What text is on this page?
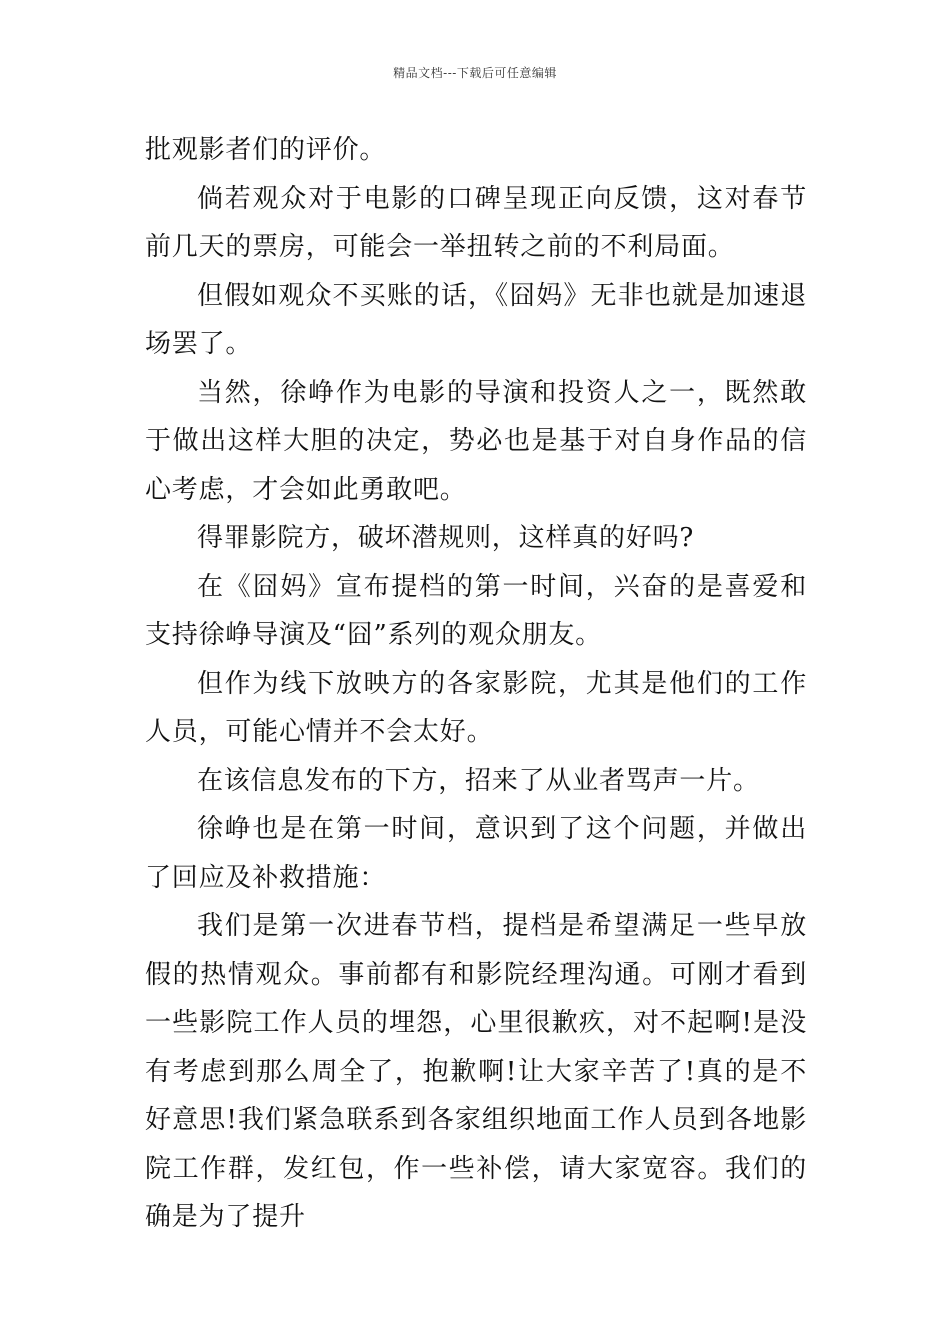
精品文档---下载后可任意编辑

批观影者们的评价。

倘若观众对于电影的口碑呈现正向反馈，这对春节前几天的票房，可能会一举扭转之前的不利局面。

但假如观众不买账的话，《囧妈》无非也就是加速退场罢了。

当然，徐峥作为电影的导演和投资人之一，既然敢于做出这样大胆的决定，势必也是基于对自身作品的信心考虑，才会如此勇敢吧。

得罪影院方，破坏潜规则，这样真的好吗?

在《囧妈》宣布提档的第一时间，兴奋的是喜爱和支持徐峥导演及“囧”系列的观众朋友。

但作为线下放映方的各家影院，尤其是他们的工作人员，可能心情并不会太好。

在该信息发布的下方，招来了从业者骂声一片。

徐峥也是在第一时间，意识到了这个问题，并做出了回应及补救措施：

我们是第一次进春节档，提档是希望满足一些早放假的热情观众。事前都有和影院经理沟通。可刚才看到一些影院工作人员的埋怨，心里很歉疚，对不起啊!是没有考虑到那么周全了，抱歉啊!让大家辛苦了!真的是不好意思!我们紧急联系到各家组织地面工作人员到各地影院工作群，发红包，作一些补偿，请大家宽容。我们的确是为了提升
